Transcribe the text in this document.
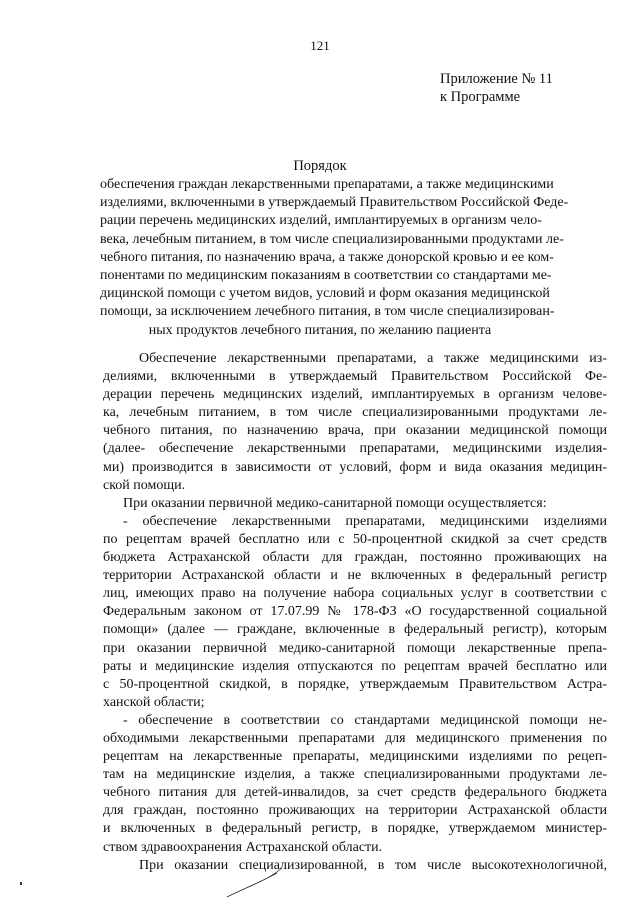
121
Приложение № 11
к Программе
Порядок
обеспечения граждан лекарственными препаратами, а также медицинскими
изделиями, включенными в утверждаемый Правительством Российской Феде-
рации перечень медицинских изделий, имплантируемых в организм чело-
века, лечебным питанием, в том числе специализированными продуктами ле-
чебного питания, по назначению врача, а также донорской кровью и ее ком-
понентами по медицинским показаниям в соответствии со стандартами ме-
дицинской помощи с учетом видов, условий и форм оказания медицинской
помощи, за исключением лечебного питания, в том числе специализирован-
ных продуктов лечебного питания, по желанию пациента
Обеспечение лекарственными препаратами, а также медицинскими из-
делиями, включенными в утверждаемый Правительством Российской Фе-
дерации перечень медицинских изделий, имплантируемых в организм челове-
ка, лечебным питанием, в том числе специализированными продуктами ле-
чебного питания, по назначению врача, при оказании медицинской помощи
(далее- обеспечение лекарственными препаратами, медицинскими изделия-
ми) производится в зависимости от условий, форм и вида оказания медицин-
ской помощи.
При оказании первичной медико-санитарной помощи осуществляется:
- обеспечение лекарственными препаратами, медицинскими изделиями
по рецептам врачей бесплатно или с 50-процентной скидкой за счет средств
бюджета Астраханской области для граждан, постоянно проживающих на
территории Астраханской области и не включенных в федеральный регистр
лиц, имеющих право на получение набора социальных услуг в соответствии с
Федеральным законом от 17.07.99 № 178-ФЗ «О государственной социальной
помощи» (далее — граждане, включенные в федеральный регистр), которым
при оказании первичной медико-санитарной помощи лекарственные препа-
раты и медицинские изделия отпускаются по рецептам врачей бесплатно или
с 50-процентной скидкой, в порядке, утверждаемым Правительством Астра-
ханской области;
- обеспечение в соответствии со стандартами медицинской помощи не-
обходимыми лекарственными препаратами для медицинского применения по
рецептам на лекарственные препараты, медицинскими изделиями по рецеп-
там на медицинские изделия, а также специализированными продуктами ле-
чебного питания для детей-инвалидов, за счет средств федерального бюджета
для граждан, постоянно проживающих на территории Астраханской области
и включенных в федеральный регистр, в порядке, утверждаемом министер-
ством здравоохранения Астраханской области.
При оказании специализированной, в том числе высокотехнологичной,
